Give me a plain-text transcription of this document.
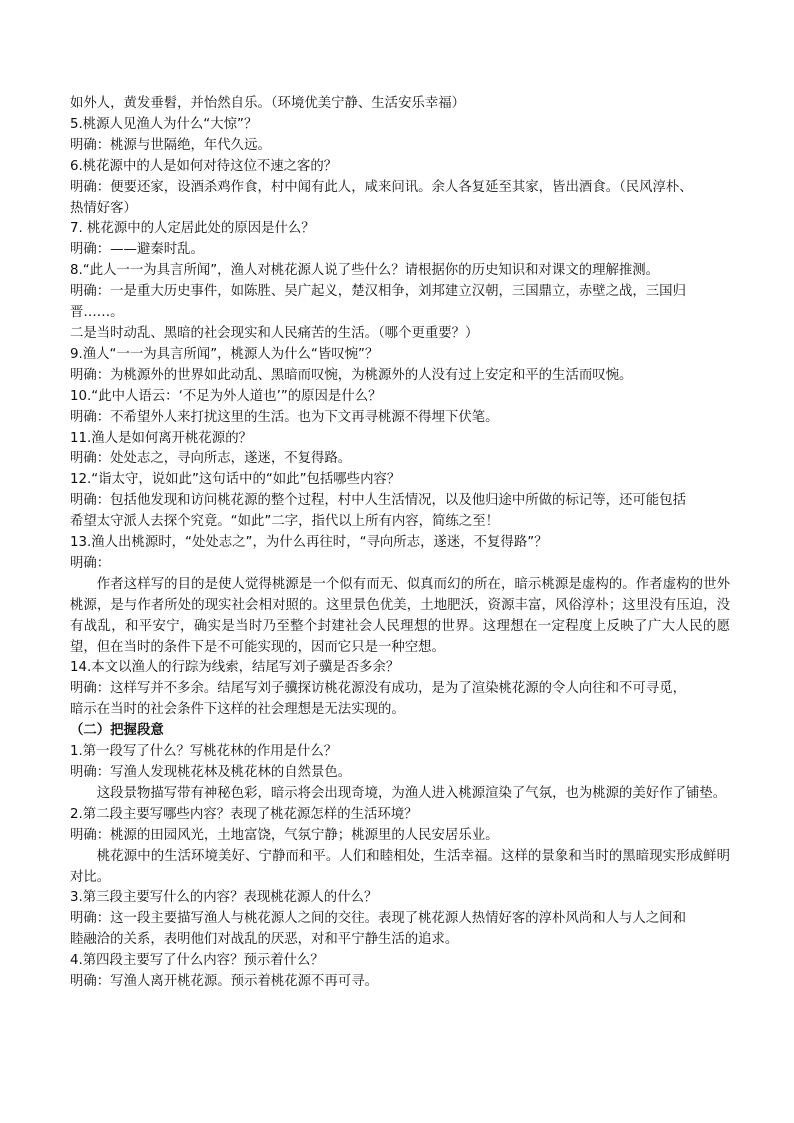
如外人，黄发垂髫，并怡然自乐。（环境优美宁静、生活安乐幸福）
5.桃源人见渔人为什么“大惊”？
明确：桃源与世隔绝，年代久远。
6.桃花源中的人是如何对待这位不速之客的？
明确：便要还家，设酒杀鸡作食，村中闻有此人，咸来问讯。余人各复延至其家，皆出酒食。（民风淳朴、
热情好客）
7. 桃花源中的人定居此处的原因是什么？
明确：——避秦时乱。
8.“此人一一为具言所闻”，渔人对桃花源人说了些什么？请根据你的历史知识和对课文的理解推测。
明确：一是重大历史事件，如陈胜、吴广起义，楚汉相争，刘邦建立汉朝，三国鼎立，赤壁之战，三国归
晋……。
二是当时动乱、黑暗的社会现实和人民痛苦的生活。（哪个更重要？）
9.渔人“一一为具言所闻”，桃源人为什么“皆叹惋”？
明确：为桃源外的世界如此动乱、黑暗而叹惋，为桃源外的人没有过上安定和平的生活而叹惋。
10.“此中人语云：‘不足为外人道也’”的原因是什么？
明确：不希望外人来打扰这里的生活。也为下文再寻桃源不得埋下伏笔。
11.渔人是如何离开桃花源的？
明确：处处志之，寻向所志，遂迷，不复得路。
12.“诣太守，说如此”这句话中的“如此”包括哪些内容？
明确：包括他发现和访问桃花源的整个过程，村中人生活情况，以及他归途中所做的标记等，还可能包括
希望太守派人去探个究竟。“如此”二字，指代以上所有内容，简练之至！
13.渔人出桃源时，“处处志之”，为什么再往时，“寻向所志，遂迷，不复得路”？
明确：
作者这样写的目的是使人觉得桃源是一个似有而无、似真而幻的所在，暗示桃源是虚构的。作者虚构的世外桃源，是与作者所处的现实社会相对照的。这里景色优美，土地肥沃，资源丰富，风俗淳朴；这里没有压迫，没有战乱，和平安宁，确实是当时乃至整个封建社会人民理想的世界。这理想在一定程度上反映了广大人民的愿望，但在当时的条件下是不可能实现的，因而它只是一种空想。
14.本文以渔人的行踪为线索，结尾写刘子骥是否多余？
明确：这样写并不多余。结尾写刘子骥探访桃花源没有成功，是为了渲染桃花源的令人向往和不可寻觅，
暗示在当时的社会条件下这样的社会理想是无法实现的。
（二）把握段意
1.第一段写了什么？写桃花林的作用是什么？
明确：写渔人发现桃花林及桃花林的自然景色。
这段景物描写带有神秘色彩，暗示将会出现奇境，为渔人进入桃源渲染了气氛，也为桃源的美好作了铺垫。
2.第二段主要写哪些内容？表现了桃花源怎样的生活环境？
明确：桃源的田园风光，土地富饶，气氛宁静；桃源里的人民安居乐业。
桃花源中的生活环境美好、宁静而和平。人们和睦相处，生活幸福。这样的景象和当时的黑暗现实形成鲜明对比。
3.第三段主要写什么的内容？表现桃花源人的什么？
明确：这一段主要描写渔人与桃花源人之间的交往。表现了桃花源人热情好客的淳朴风尚和人与人之间和
睦融洽的关系，表明他们对战乱的厌恶，对和平宁静生活的追求。
4.第四段主要写了什么内容？预示着什么？
明确：写渔人离开桃花源。预示着桃花源不再可寻。
